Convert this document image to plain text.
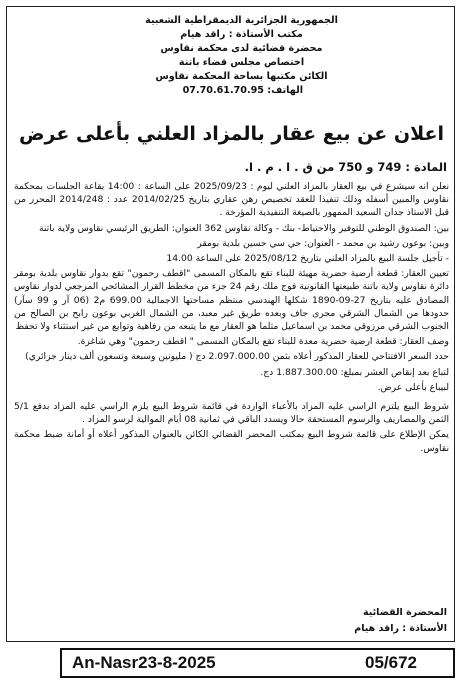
الجمهورية الجزائرية الديمقراطية الشعبية
مكتب الأستاذة : راقد هيام
محضرة قضائية لدى محكمة نقاوس
اختصاص مجلس قضاء باتنة
الكائن مكتبها بساحة المحكمة نقاوس
الهاتف: 07.70.61.70.95
اعلان عن بيع عقار بالمزاد العلني بأعلى عرض
المادة : 749 و 750 من ق . ا . م . ا.

نعلن انه سيشرع في بيع العقار بالمزاد العلني ليوم : 2025/09/23 على الساعة : 14:00 بقاعة الجلسات بمحكمة نقاوس والمبين أسفله وذلك تنفيذا للعقد تخصيص رهن عقاري بتاريخ 2014/02/25 عدد : 2014/248 المحرر من قبل الاستاذ جدان السعيد الممهور بالصيغة التنفيذية المؤرخة .

بين: الصندوق الوطني للتوفير والاحتياط- بنك - وكالة نقاوس 362 العنوان: الطريق الرئيسي نقاوس ولاية باتنة

وبين: بوعون رشيد بن محمد - العنوان: حي سي حسين بلدية بومقر

- تأجيل جلسة البيع بالمزاد العلني بتاريخ 2025/08/12 على الساعة 14.00

تعيين العقار: قطعة أرضية حضرية مهيئة للبناء تقع بالمكان المسمى "اقطف رحمون" تقع بدوار نقاوس بلدية بومقر دائرة نقاوس ولاية باتنة طبيعتها القانونية فوج ملك رقم 24 جزء من مخطط القرار المشائحي المرجعي لدوار نقاوس المصادق عليه بتاريخ 27-09-1890 شكلها الهندسي منتظم مساحتها الاجمالية 699.00 م2 (06 آر و 99 سآر) حدودها من الشمال الشرقي مجرى جاف وبعده طريق غير معبد، من الشمال الغربي بوعون رابح بن الصالح من الجنوب الشرقي مرزوقي محمد بن اسماعيل مثلما هو العقار مع ما يتبعه من رفاهية وتوابع من غير استثناء ولا تحفظ

وصف العقار: قطعة ارضية حضرية معدة للبناء تقع بالمكان المسمى " اقطف رحمون" وهي شاغرة.

حدد السعر الافتتاحي للعقار المذكور أعلاه بثمن 2.097.000.00 دج ( مليونين وسبعة وتسعون ألف دينار جزائري)

لتباع بعد إنقاص العشر بمبلغ: 1.887.300.00 دج.

لبيباع بأعلى عرض.

شروط البيع يلتزم الراسي عليه المزاد بالأعباء الواردة في قائمة شروط البيع يلزم الراسي عليه المزاد بدفع 5/1 الثمن والمصاريف والرسوم المستحقة حالا ويسدد الباقي في ثمانية 08 أيام الموالية لرسو المزاد .

يمكن الإطلاع على قائمة شروط البيع بمكتب المحضر القضائي الكائن بالعنوان المذكور أعلاه أو أمانة ضبط محكمة نقاوس.

المحضرة القضائية
الأستاذة : راقد هيام
An-Nasr23-8-2025	05/672
